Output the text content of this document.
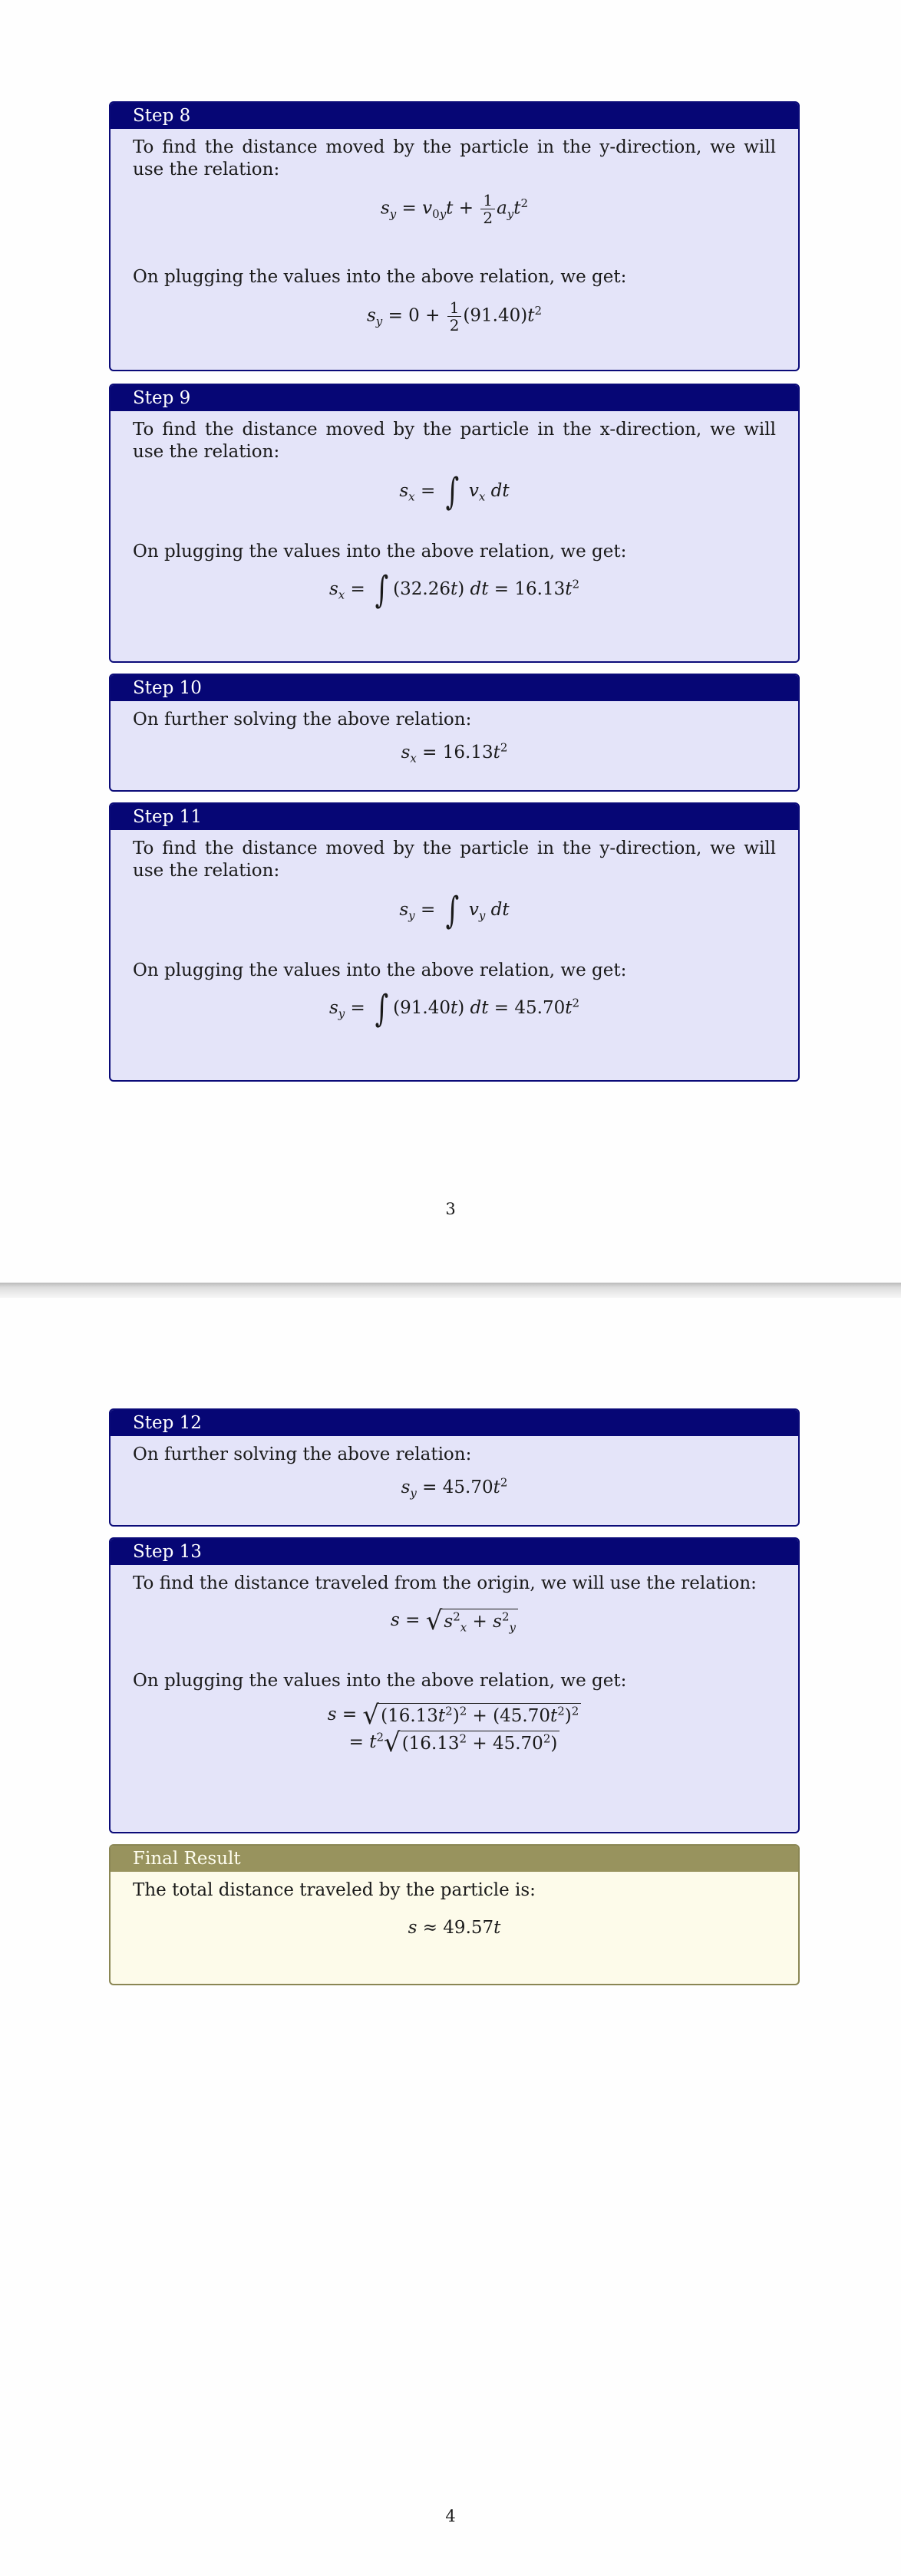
Step 8

To find the distance moved by the particle in the y-direction, we will use the relation:

$s_y = v_{0y}t + \frac{1}{2} a_yt^2$

On plugging the values into the above relation, we get:

$s_y = 0 + \frac{1}{2} (91.40)t^2$

Step 9

To find the distance moved by the particle in the x-direction, we will use the relation:

$s_x$ = ∫ $v_x$ dt

On plugging the values into the above relation, we get:

$s_x$ = ∫ (32.26t) dt = $16.13t^2$

Step 10

On further solving the above relation:

$s_x = 16.13t^2$

Step 11

To find the distance moved by the particle in the y-direction, we will use the relation:

$s_y$ = ∫ $v_y$ dt

On plugging the values into the above relation, we get:

$s_y$ = ∫ (91.40t) dt = $45.70t^2$

3
Step 12

On further solving the above relation:

$s_y = 45.70t^2$

Step 13

To find the distance traveled from the origin, we will use the relation:

$s = √s^2_x + s^2_y$

On plugging the values into the above relation, we get:

$s = √(16.13t^2)^2 + (45.70t^2)^2$

= $t^2√(16.13^2 + 45.70^2)$

Final Result

The total distance traveled by the particle is:

s ≈ 49.57t

4
